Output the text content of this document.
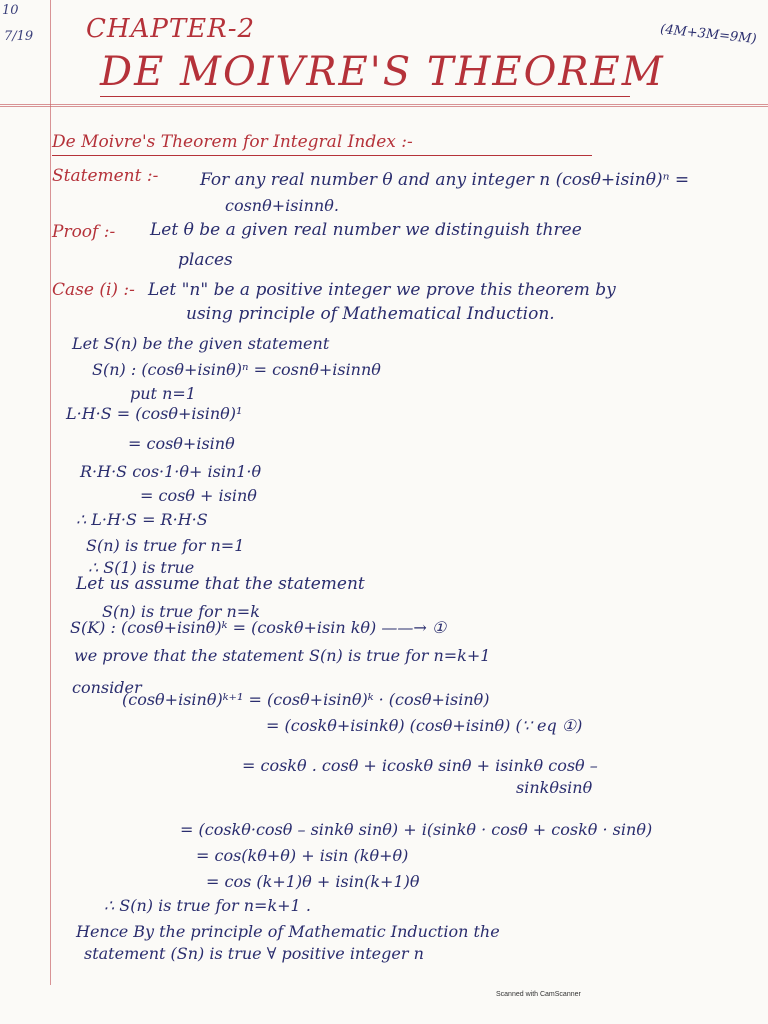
10
7/19 CHAPTER-2	(4M+3M=9M)
DE MOIVRE'S THEOREM
De Moivre's Theorem for Integral Index :-
Statement :- For any real number θ and any integer n (cosθ+isinθ)ⁿ =
cosnθ+isinnθ.
Proof :- Let θ be a given real number we distinguish three
places
Case (i) :- Let "n" be a positive integer we prove this theorem by
using principle of Mathematical Induction.
Let S(n) be the given statement
S(n) : (cosθ+isinθ)ⁿ = cosnθ+isinnθ
put n=1
L·H·S = (cosθ+isinθ)¹
= cosθ+isinθ
R·H·S cos·1·θ+ isin1·θ
= cosθ + isinθ
∴ L·H·S = R·H·S
S(n) is true for n=1
∴ S(1) is true
Let us assume that the statement
S(n) is true for n=k
S(K) : (cosθ+isinθ)ᵏ = (coskθ+isin kθ) ——→ ①
we prove that the statement S(n) is true for n=k+1
consider
(cosθ+isinθ)ᵏ⁺¹ = (cosθ+isinθ)ᵏ · (cosθ+isinθ)
= (coskθ+isinkθ) (cosθ+isinθ) (∵ eq ①)
= coskθ . cosθ + icoskθ sinθ + isinkθ cosθ –
sinkθsinθ
= (coskθ·cosθ – sinkθ sinθ) + i(sinkθ · cosθ + coskθ · sinθ)
= cos(kθ+θ) + isin (kθ+θ)
= cos (k+1)θ + isin(k+1)θ
∴ S(n) is true for n=k+1 .
Hence By the principle of Mathematic Induction the
statement (Sn) is true ∀ positive integer n
Scanned with CamScanner
